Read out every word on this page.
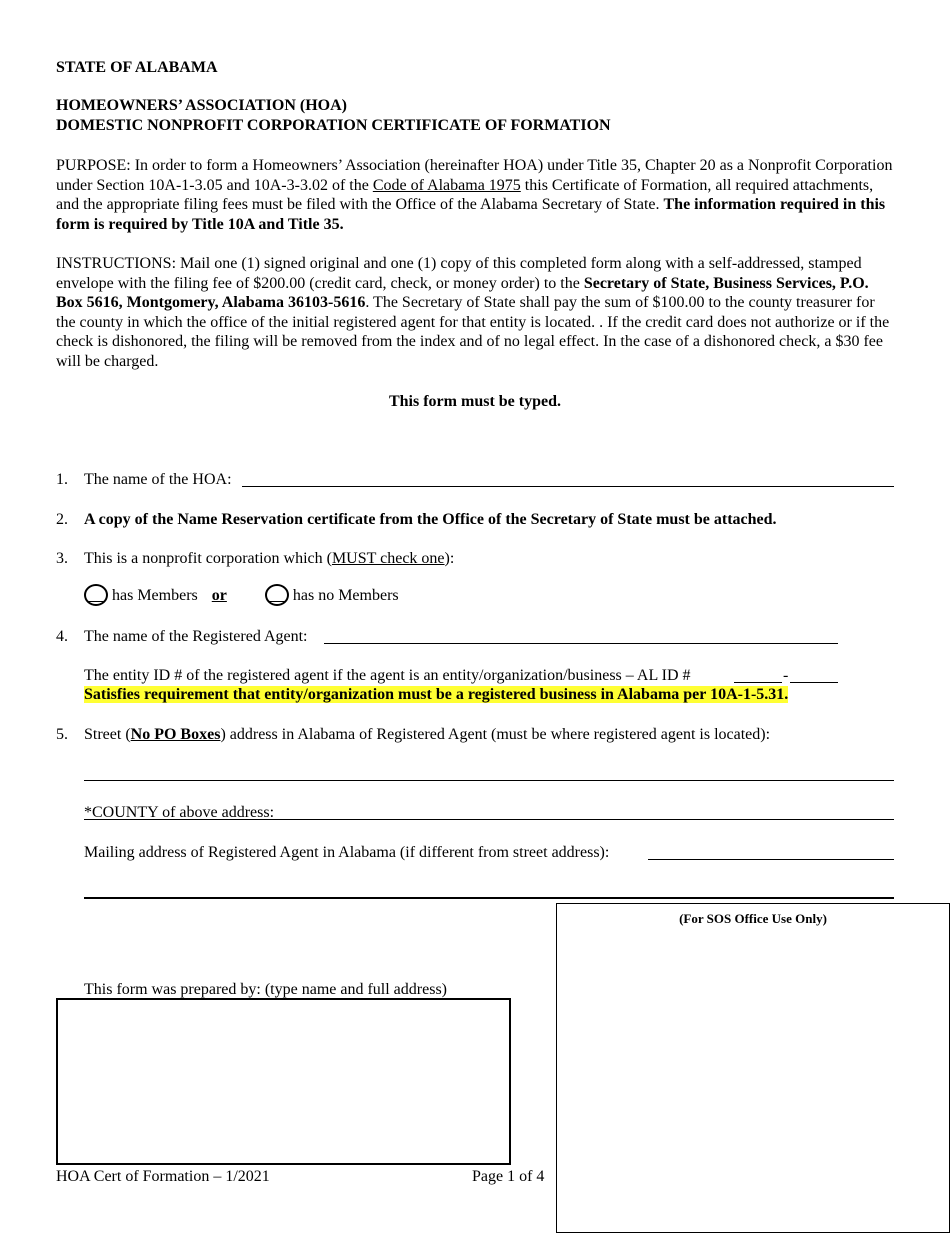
STATE OF ALABAMA
HOMEOWNERS’ ASSOCIATION (HOA)
DOMESTIC NONPROFIT CORPORATION CERTIFICATE OF FORMATION
PURPOSE: In order to form a Homeowners’ Association (hereinafter HOA) under Title 35, Chapter 20 as a Nonprofit Corporation under Section 10A-1-3.05 and 10A-3-3.02 of the Code of Alabama 1975 this Certificate of Formation, all required attachments, and the appropriate filing fees must be filed with the Office of the Alabama Secretary of State. The information required in this form is required by Title 10A and Title 35.
INSTRUCTIONS: Mail one (1) signed original and one (1) copy of this completed form along with a self-addressed, stamped envelope with the filing fee of $200.00 (credit card, check, or money order) to the Secretary of State, Business Services, P.O. Box 5616, Montgomery, Alabama 36103-5616. The Secretary of State shall pay the sum of $100.00 to the county treasurer for the county in which the office of the initial registered agent for that entity is located. . If the credit card does not authorize or if the check is dishonored, the filing will be removed from the index and of no legal effect. In the case of a dishonored check, a $30 fee will be charged.
This form must be typed.
1. The name of the HOA:
2. A copy of the Name Reservation certificate from the Office of the Secretary of State must be attached.
3. This is a nonprofit corporation which (MUST check one):
has Members or	has no Members
4. The name of the Registered Agent:
The entity ID # of the registered agent if the agent is an entity/organization/business – AL ID #	-
Satisfies requirement that entity/organization must be a registered business in Alabama per 10A-1-5.31.
5. Street (No PO Boxes) address in Alabama of Registered Agent (must be where registered agent is located):
*COUNTY of above address:
Mailing address of Registered Agent in Alabama (if different from street address):
This form was prepared by: (type name and full address)
(For SOS Office Use Only)
HOA Cert of Formation – 1/2021	Page 1 of 4
